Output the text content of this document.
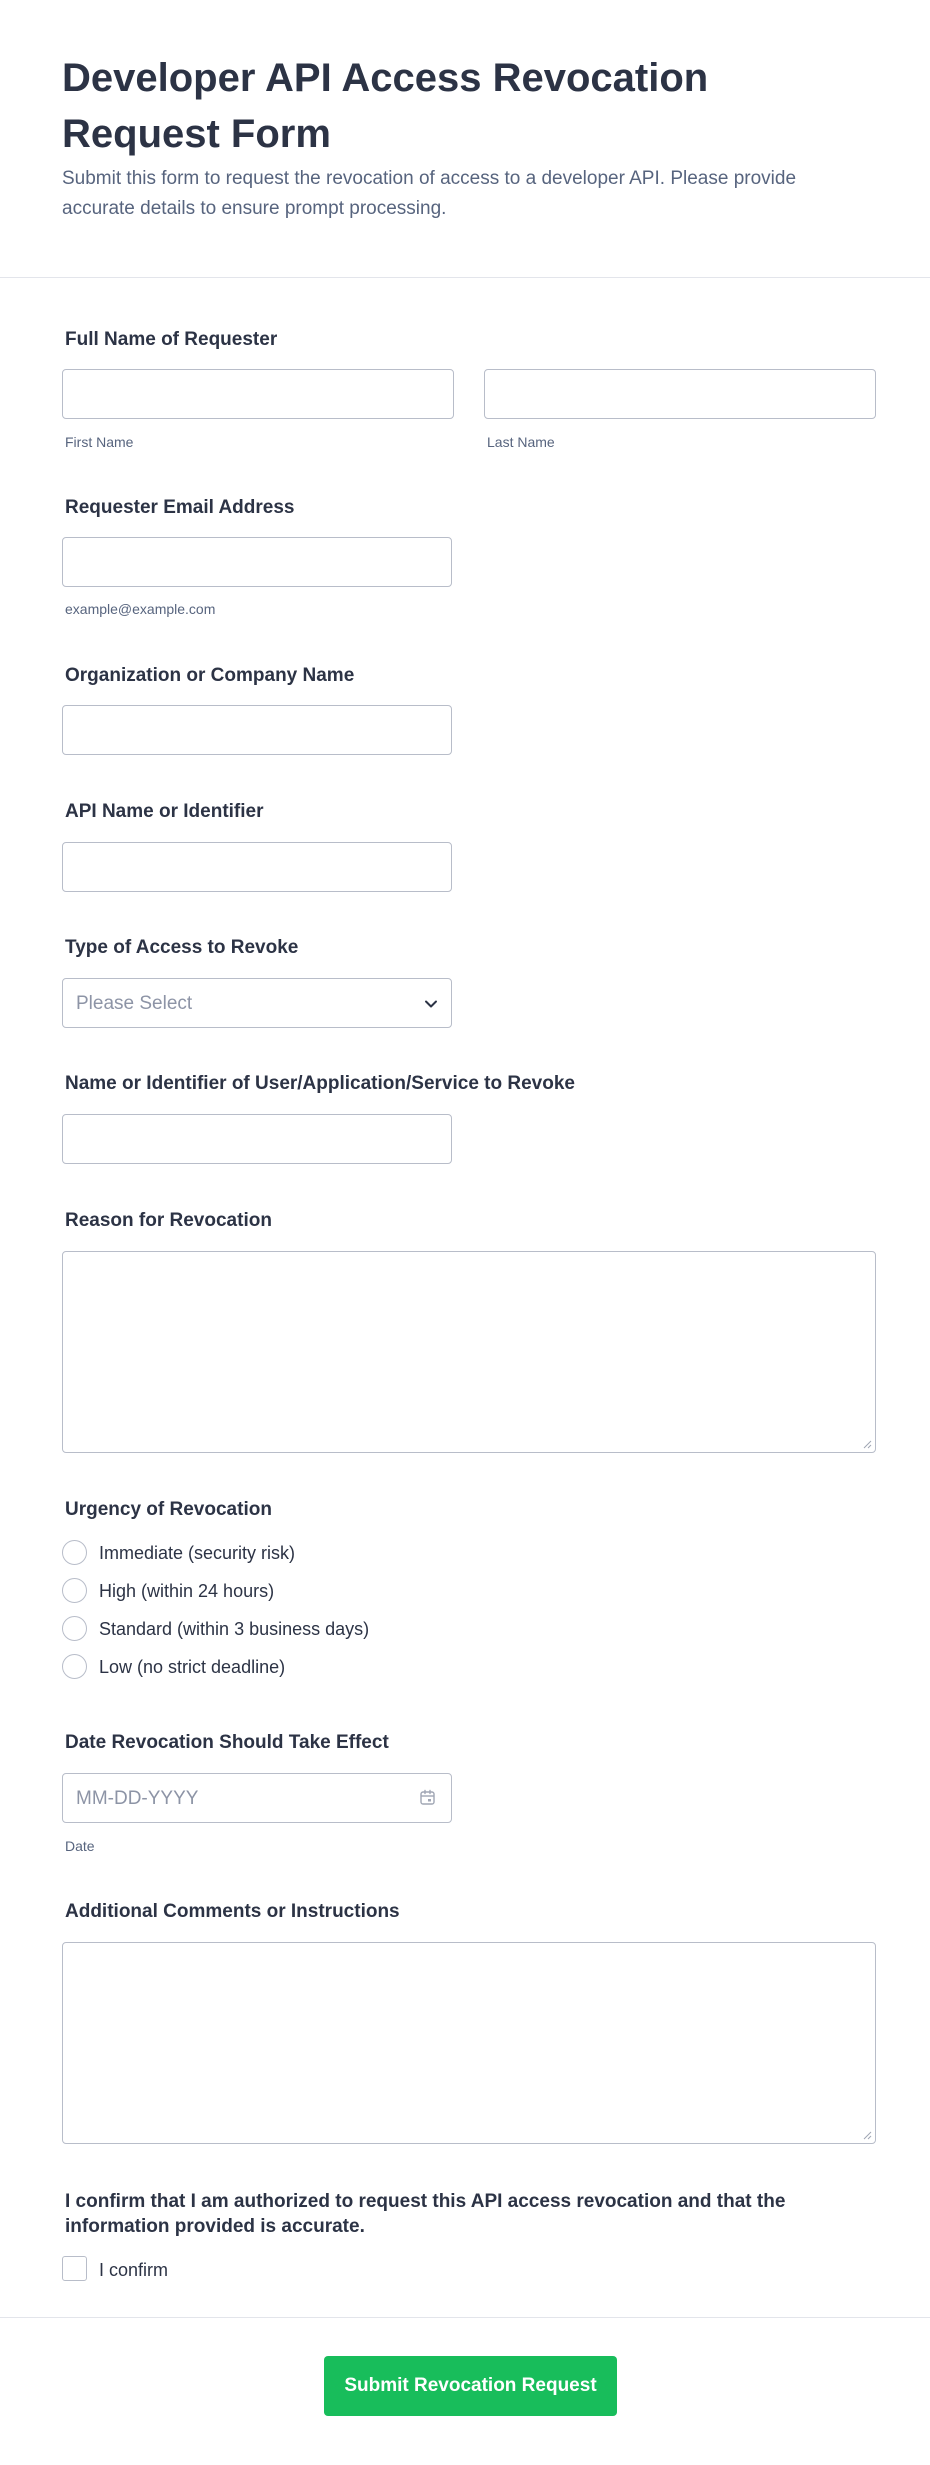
Developer API Access Revocation Request Form

Submit this form to request the revocation of access to a developer API. Please provide accurate details to ensure prompt processing.

Full Name of Requester
First Name	Last Name
Requester Email Address
example@example.com
Organization or Company Name
API Name or Identifier
Type of Access to Revoke
Please Select
Name or Identifier of User/Application/Service to Revoke
Reason for Revocation
Urgency of Revocation
Immediate (security risk)
High (within 24 hours)
Standard (within 3 business days)
Low (no strict deadline)
Date Revocation Should Take Effect
MM-DD-YYYY
Date
Additional Comments or Instructions
I confirm that I am authorized to request this API access revocation and that the information provided is accurate.
I confirm
Submit Revocation Request
